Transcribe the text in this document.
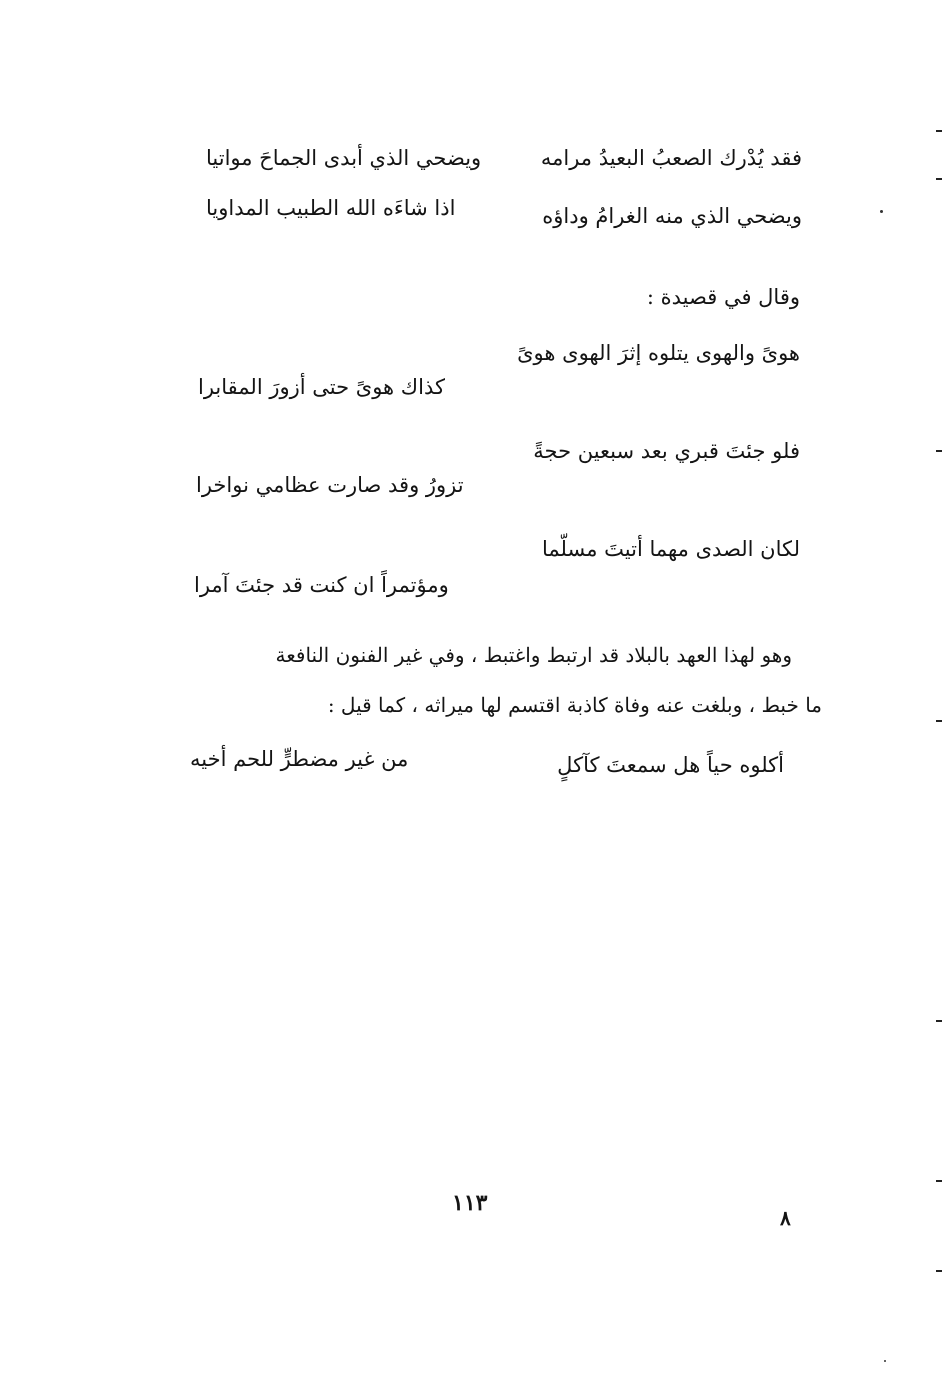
فقد يُدْرك الصعبُ البعيدُ مرامه
ويضحي الذي أبدى الجماحَ مواتيا
ويضحي الذي منه الغرامُ وداؤه
اذا شاءَه الله الطبيب المداويا
وقال في قصيدة :
هوىً والهوى يتلوه إثرَ الهوى هوىً
كذاك هوىً حتى أزورَ المقابرا
فلو جئتَ قبري بعد سبعين حجةً
تزورُ وقد صارت عظامي نواخرا
لكان الصدى مهما أتيتَ مسلّما
ومؤتمراً ان كنت قد جئتَ آمرا
وهو لهذا العهد بالبلاد قد ارتبط واغتبط ، وفي غير الفنون النافعة
ما خبط ، وبلغت عنه وفاة كاذبة اقتسم لها ميراثه ، كما قيل :
أكلوه حياً هل سمعتَ كآكلٍ
من غير مضطرٍّ للحم أخيه
١١٣
٨
